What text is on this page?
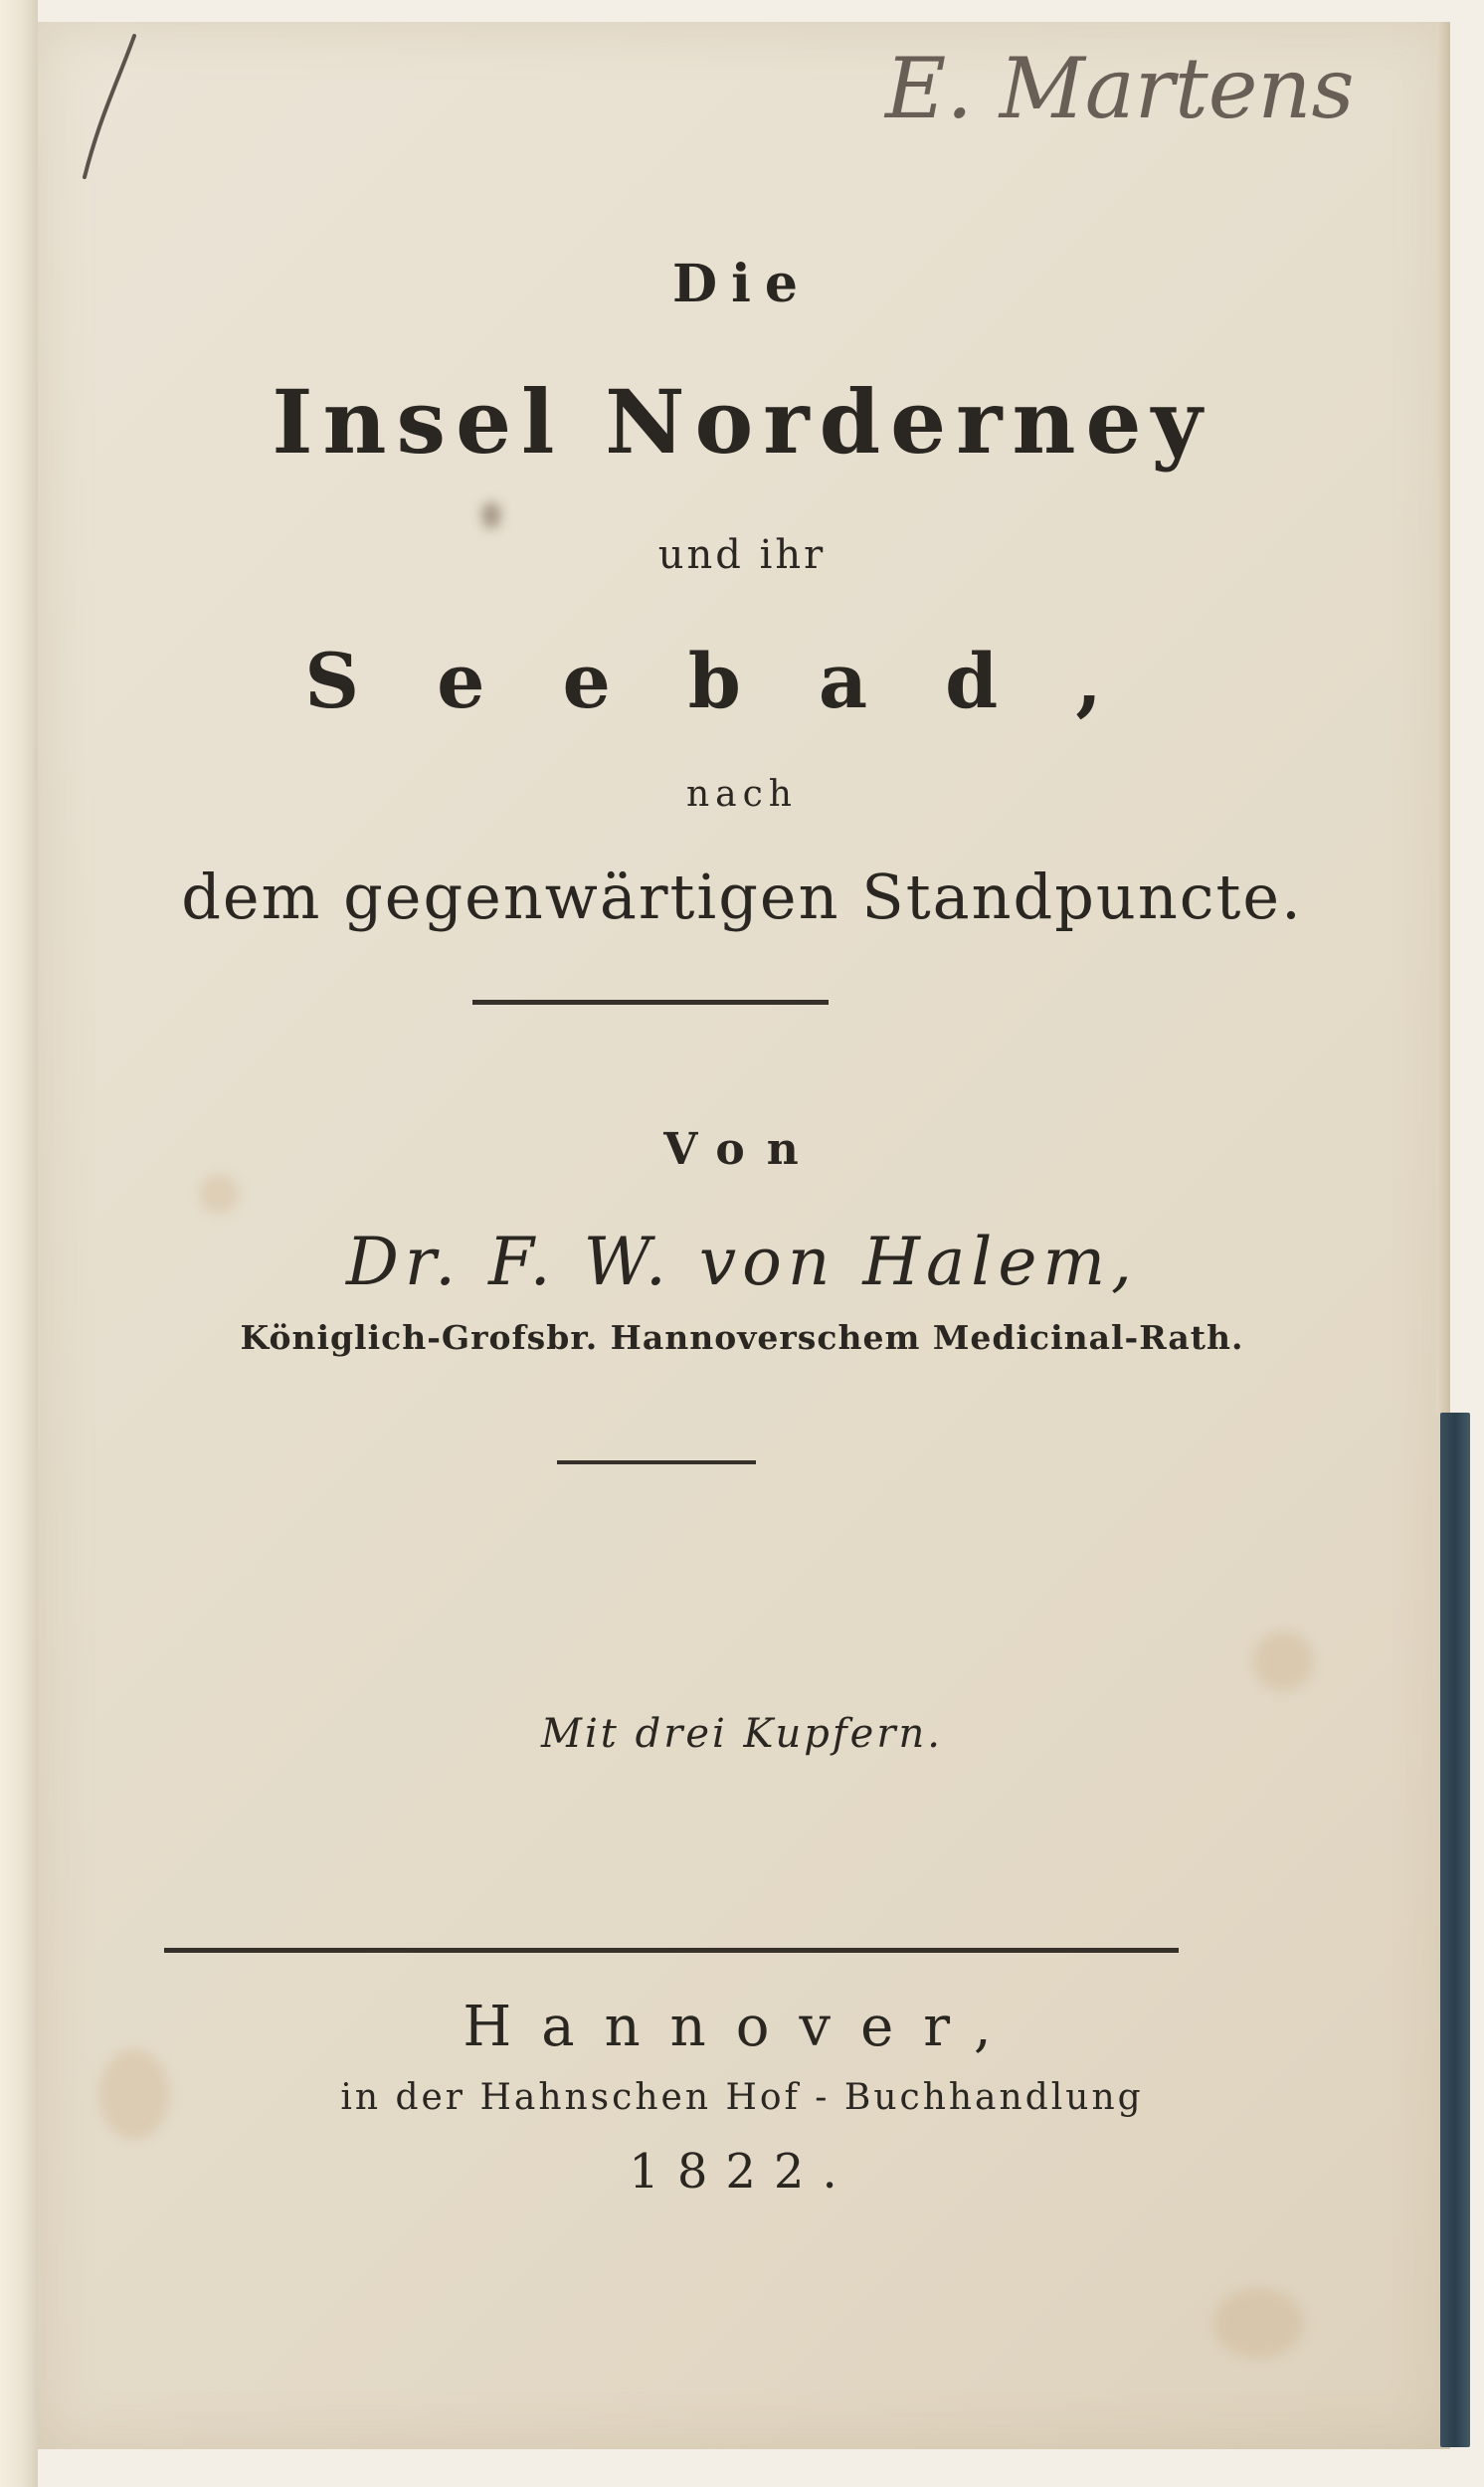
E. Martens
Die
Insel Norderney
und ihr
Seebad,
nach
dem gegenwärtigen Standpuncte.
Von
Dr. F. W. von Halem,
Königlich-Grofsbr. Hannoverschem Medicinal-Rath.
Mit drei Kupfern.
Hannover,
in der Hahnschen Hof - Buchhandlung
1822.
